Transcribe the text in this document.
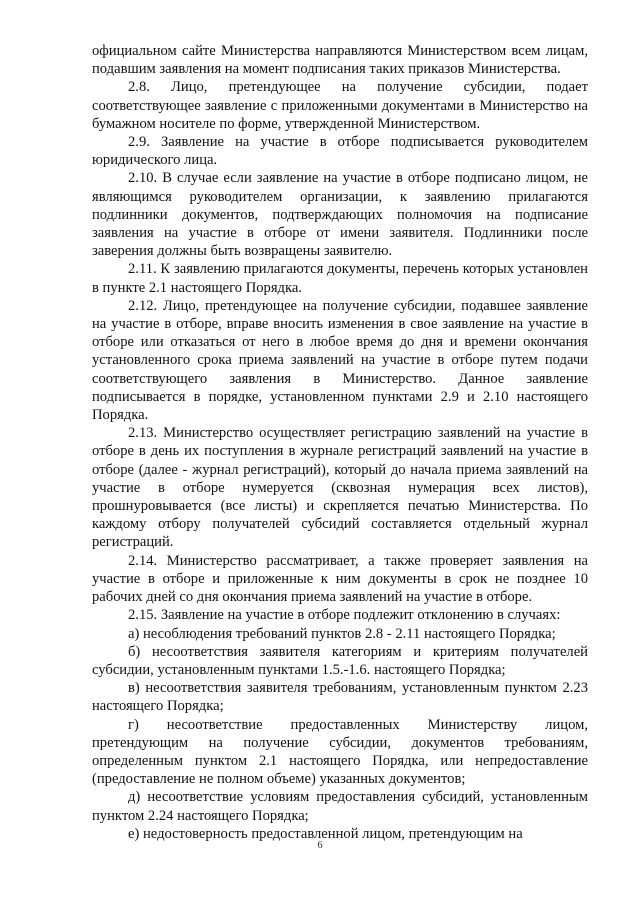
официальном сайте Министерства направляются Министерством всем лицам, подавшим заявления на момент подписания таких приказов Министерства.

2.8. Лицо, претендующее на получение субсидии, подает соответствующее заявление с приложенными документами в Министерство на бумажном носителе по форме, утвержденной Министерством.

2.9. Заявление на участие в отборе подписывается руководителем юридического лица.

2.10. В случае если заявление на участие в отборе подписано лицом, не являющимся руководителем организации, к заявлению прилагаются подлинники документов, подтверждающих полномочия на подписание заявления на участие в отборе от имени заявителя. Подлинники после заверения должны быть возвращены заявителю.

2.11. К заявлению прилагаются документы, перечень которых установлен в пункте 2.1 настоящего Порядка.

2.12. Лицо, претендующее на получение субсидии, подавшее заявление на участие в отборе, вправе вносить изменения в свое заявление на участие в отборе или отказаться от него в любое время до дня и времени окончания установленного срока приема заявлений на участие в отборе путем подачи соответствующего заявления в Министерство. Данное заявление подписывается в порядке, установленном пунктами 2.9 и 2.10 настоящего Порядка.

2.13. Министерство осуществляет регистрацию заявлений на участие в отборе в день их поступления в журнале регистраций заявлений на участие в отборе (далее - журнал регистраций), который до начала приема заявлений на участие в отборе нумеруется (сквозная нумерация всех листов), прошнуровывается (все листы) и скрепляется печатью Министерства. По каждому отбору получателей субсидий составляется отдельный журнал регистраций.

2.14. Министерство рассматривает, а также проверяет заявления на участие в отборе и приложенные к ним документы в срок не позднее 10 рабочих дней со дня окончания приема заявлений на участие в отборе.

2.15. Заявление на участие в отборе подлежит отклонению в случаях:

а) несоблюдения требований пунктов 2.8 - 2.11 настоящего Порядка;

б) несоответствия заявителя категориям и критериям получателей субсидии, установленным пунктами 1.5.-1.6. настоящего Порядка;

в) несоответствия заявителя требованиям, установленным пунктом 2.23 настоящего Порядка;

г) несоответствие предоставленных Министерству лицом, претендующим на получение субсидии, документов требованиям, определенным пунктом 2.1 настоящего Порядка, или непредоставление (предоставление не полном объеме) указанных документов;

д) несоответствие условиям предоставления субсидий, установленным пунктом 2.24 настоящего Порядка;

е) недостоверность предоставленной лицом, претендующим на

6
